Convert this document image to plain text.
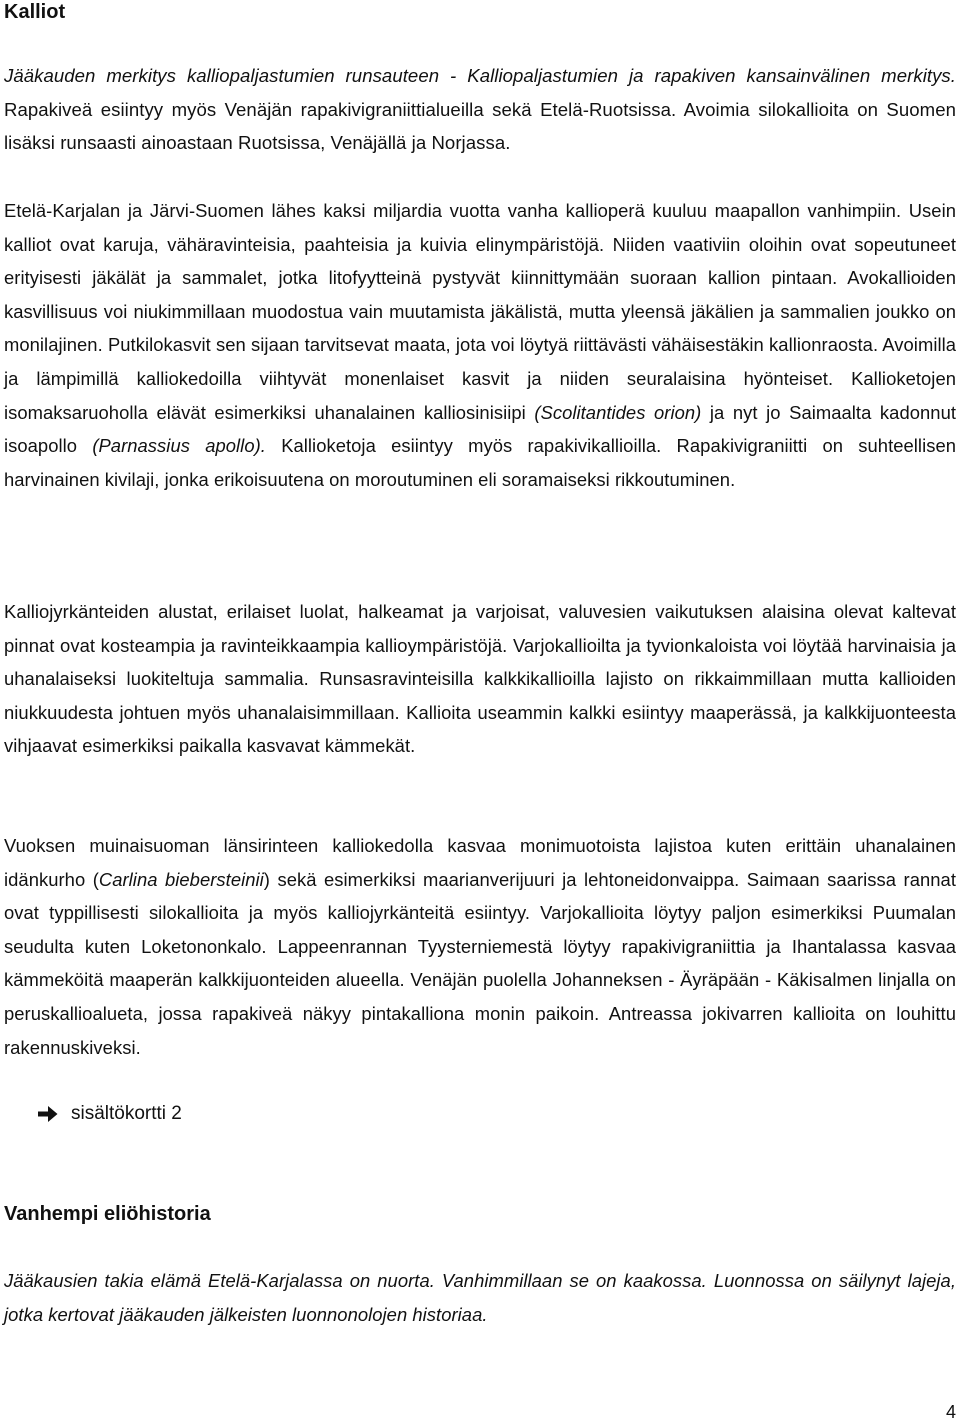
Kalliot

Jääkauden merkitys kalliopaljastumien runsauteen - Kalliopaljastumien ja rapakiven kansainvälinen merkitys. Rapakiveä esiintyy myös Venäjän rapakivigraniittialueilla sekä Etelä-Ruotsissa. Avoimia silokallioita on Suomen lisäksi runsaasti ainoastaan Ruotsissa, Venäjällä ja Norjassa.

Etelä-Karjalan ja Järvi-Suomen lähes kaksi miljardia vuotta vanha kallioperä kuuluu maapallon vanhimpiin. Usein kalliot ovat karuja, vähäravinteisia, paahteisia ja kuivia elinympäristöjä. Niiden vaativiin oloihin ovat sopeutuneet erityisesti jäkälät ja sammalet, jotka litofyytteinä pystyvät kiinnittymään suoraan kallion pintaan. Avokallioiden kasvillisuus voi niukimmillaan muodostua vain muutamista jäkälistä, mutta yleensä jäkälien ja sammalien joukko on monilajinen. Putkilokasvit sen sijaan tarvitsevat maata, jota voi löytyä riittävästi vähäisestäkin kallionraosta. Avoimilla ja lämpimillä kalliokedoilla viihtyvät monenlaiset kasvit ja niiden seuralaisina hyönteiset. Kallioketojen isomaksaruoholla elävät esimerkiksi uhanalainen kalliosinisiipi (Scolitantides orion) ja nyt jo Saimaalta kadonnut isoapollo (Parnassius apollo). Kallioketoja esiintyy myös rapakivikallioilla. Rapakivigraniitti on suhteellisen harvinainen kivilaji, jonka erikoisuutena on moroutuminen eli soramaiseksi rikkoutuminen.

Kalliojyrkänteiden alustat, erilaiset luolat, halkeamat ja varjoisat, valuvesien vaikutuksen alaisina olevat kaltevat pinnat ovat kosteampia ja ravinteikkaampia kallioympäristöjä. Varjokallioilta ja tyvionkaloista voi löytää harvinaisia ja uhanalaiseksi luokiteltuja sammalia. Runsasravinteisilla kalkkikallioilla lajisto on rikkaimmillaan mutta kallioiden niukkuudesta johtuen myös uhanalaisimmillaan. Kallioita useammin kalkki esiintyy maaperässä, ja kalkkijuonteesta vihjaavat esimerkiksi paikalla kasvavat kämmekät.

Vuoksen muinaisuoman länsirinteen kalliokedolla kasvaa monimuotoista lajistoa kuten erittäin uhanalainen idänkurho (Carlina biebersteinii) sekä esimerkiksi maarianverijuuri ja lehtoneidonvaippa. Saimaan saarissa rannat ovat typpillisesti silokallioita ja myös kalliojyrkänteitä esiintyy. Varjokallioita löytyy paljon esimerkiksi Puumalan seudulta kuten Loketononkalo. Lappeenrannan Tyysterniemestä löytyy rapakivigraniittia ja Ihantalassa kasvaa kämmeköitä maaperän kalkkijuonteiden alueella. Venäjän puolella Johanneksen - Äyräpään - Käkisalmen linjalla on peruskallioalueta, jossa rapakiveä näkyy pintakalliona monin paikoin. Antreassa jokivarren kallioita on louhittu rakennuskiveksi.

sisältökortti 2
Vanhempi eliöhistoria

Jääkausien takia elämä Etelä-Karjalassa on nuorta. Vanhimmillaan se on kaakossa. Luonnossa on säilynyt lajeja, jotka kertovat jääkauden jälkeisten luonnonolojen historiaa.

4
